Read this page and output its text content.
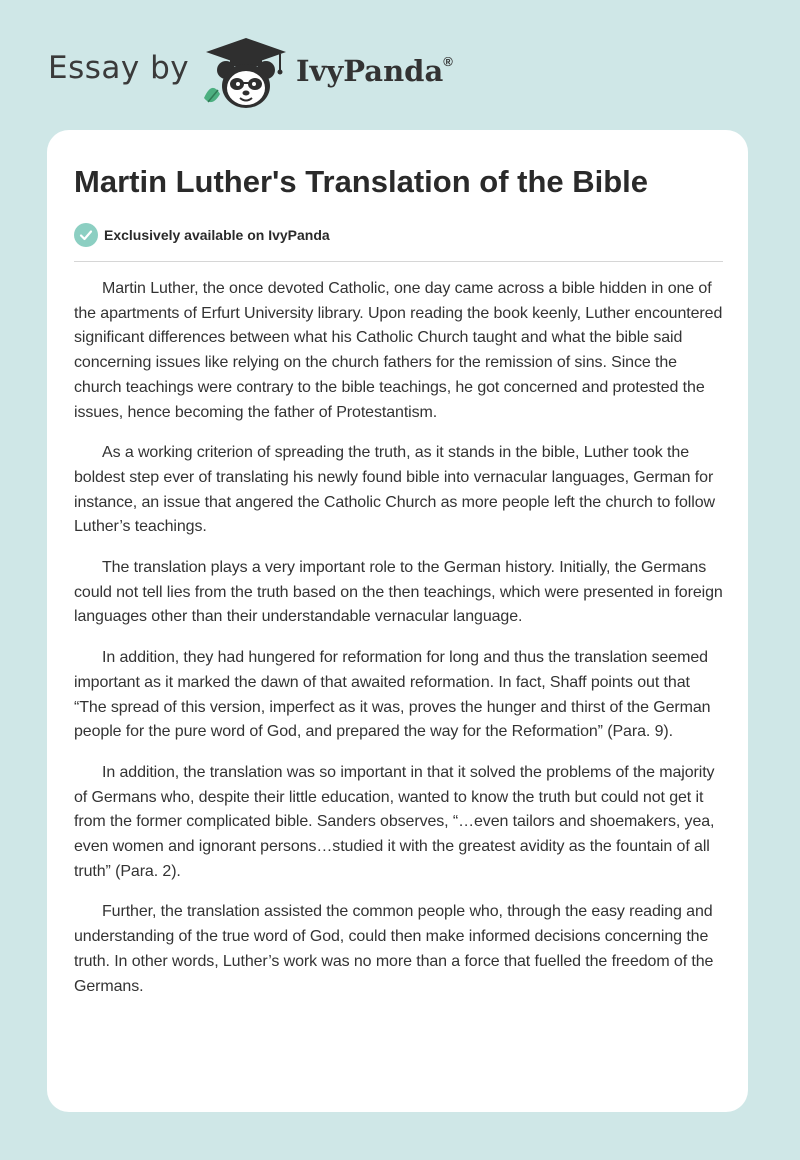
Essay by	IvyPanda®
Martin Luther's Translation of the Bible
Exclusively available on IvyPanda

Martin Luther, the once devoted Catholic, one day came across a bible hidden in one of the apartments of Erfurt University library. Upon reading the book keenly, Luther encountered significant differences between what his Catholic Church taught and what the bible said concerning issues like relying on the church fathers for the remission of sins. Since the church teachings were contrary to the bible teachings, he got concerned and protested the issues, hence becoming the father of Protestantism.

As a working criterion of spreading the truth, as it stands in the bible, Luther took the boldest step ever of translating his newly found bible into vernacular languages, German for instance, an issue that angered the Catholic Church as more people left the church to follow Luther’s teachings.

The translation plays a very important role to the German history. Initially, the Germans could not tell lies from the truth based on the then teachings, which were presented in foreign languages other than their understandable vernacular language.

In addition, they had hungered for reformation for long and thus the translation seemed important as it marked the dawn of that awaited reformation. In fact, Shaff points out that “The spread of this version, imperfect as it was, proves the hunger and thirst of the German people for the pure word of God, and prepared the way for the Reformation” (Para. 9).

In addition, the translation was so important in that it solved the problems of the majority of Germans who, despite their little education, wanted to know the truth but could not get it from the former complicated bible. Sanders observes, “…even tailors and shoemakers, yea, even women and ignorant persons…studied it with the greatest avidity as the fountain of all truth” (Para. 2).

Further, the translation assisted the common people who, through the easy reading and understanding of the true word of God, could then make informed decisions concerning the truth. In other words, Luther’s work was no more than a force that fuelled the freedom of the Germans.
